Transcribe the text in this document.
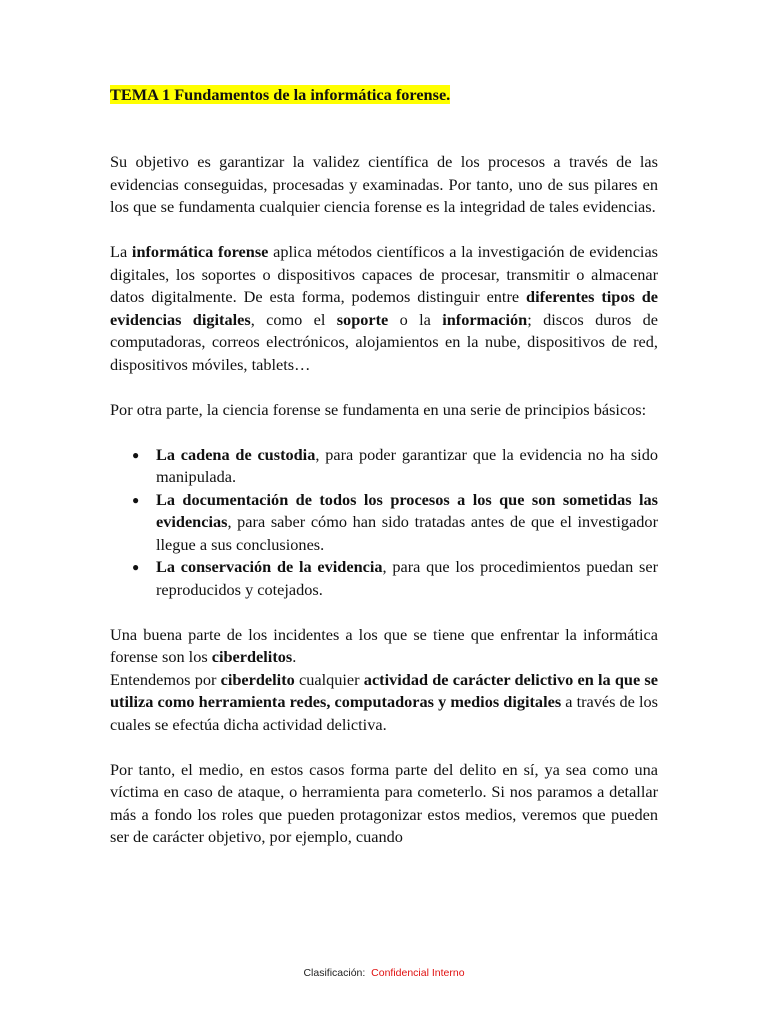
TEMA 1 Fundamentos de la informática forense.

Su objetivo es garantizar la validez científica de los procesos a través de las evidencias conseguidas, procesadas y examinadas. Por tanto, uno de sus pilares en los que se fundamenta cualquier ciencia forense es la integridad de tales evidencias.

La informática forense aplica métodos científicos a la investigación de evidencias digitales, los soportes o dispositivos capaces de procesar, transmitir o almacenar datos digitalmente. De esta forma, podemos distinguir entre diferentes tipos de evidencias digitales, como el soporte o la información; discos duros de computadoras, correos electrónicos, alojamientos en la nube, dispositivos de red, dispositivos móviles, tablets…

Por otra parte, la ciencia forense se fundamenta en una serie de principios básicos:

● La cadena de custodia, para poder garantizar que la evidencia no ha sido manipulada.
● La documentación de todos los procesos a los que son sometidas las evidencias, para saber cómo han sido tratadas antes de que el investigador llegue a sus conclusiones.
● La conservación de la evidencia, para que los procedimientos puedan ser reproducidos y cotejados.

Una buena parte de los incidentes a los que se tiene que enfrentar la informática forense son los ciberdelitos.

Entendemos por ciberdelito cualquier actividad de carácter delictivo en la que se utiliza como herramienta redes, computadoras y medios digitales a través de los cuales se efectúa dicha actividad delictiva.

Por tanto, el medio, en estos casos forma parte del delito en sí, ya sea como una víctima en caso de ataque, o herramienta para cometerlo. Si nos paramos a detallar más a fondo los roles que pueden protagonizar estos medios, veremos que pueden ser de carácter objetivo, por ejemplo, cuando

Clasificación: Confidencial Interno
